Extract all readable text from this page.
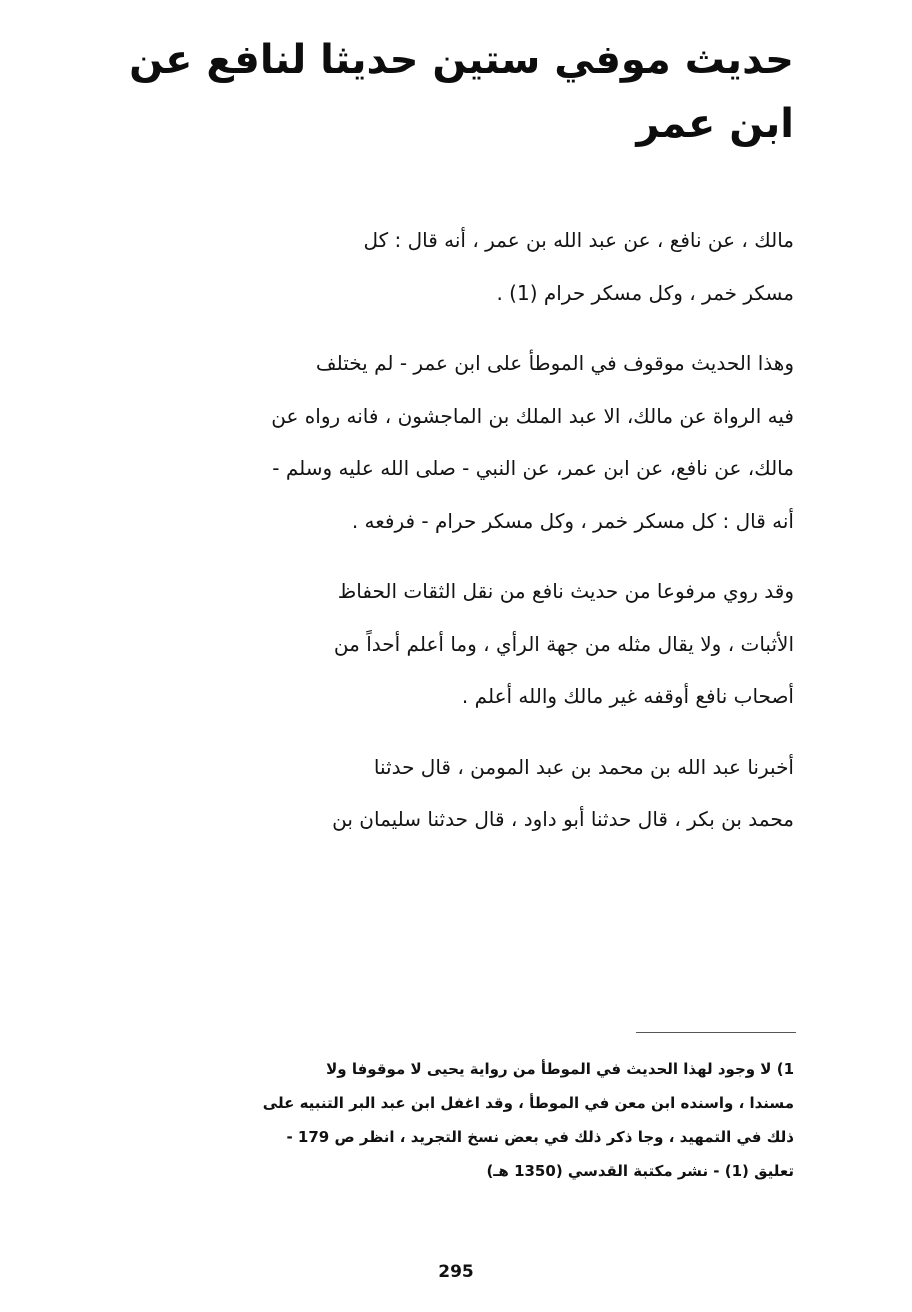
حديث موفي ستين حديثا لنافع عن
ابن عمر
مالك ، عن نافع ، عن عبد الله بن عمر ، أنه قال : كل
مسكر خمر ، وكل مسكر حرام (1) .
وهذا الحديث موقوف في الموطأ على ابن عمر - لم يختلف
فيه الرواة عن مالك، الا عبد الملك بن الماجشون ، فانه رواه عن
مالك، عن نافع، عن ابن عمر، عن النبي - صلى الله عليه وسلم -
أنه قال : كل مسكر خمر ، وكل مسكر حرام - فرفعه .
وقد روي مرفوعا من حديث نافع من نقل الثقات الحفاظ
الأثبات ، ولا يقال مثله من جهة الرأي ، وما أعلم أحداً من
أصحاب نافع أوقفه غير مالك والله أعلم .
أخبرنا عبد الله بن محمد بن عبد المومن ، قال حدثنا
محمد بن بكر ، قال حدثنا أبو داود ، قال حدثنا سليمان بن
1) لا وجود لهذا الحديث في الموطأ من رواية يحيى لا موقوفا ولا
مسندا ، واسنده ابن معن في الموطأ ، وقد اغفل ابن عبد البر التنبيه على
ذلك في التمهيد ، وجا ذكر ذلك في بعض نسخ التجريد ، انظر ص 179 -
تعليق (1) - نشر مكتبة القدسي (1350 هـ)
295
